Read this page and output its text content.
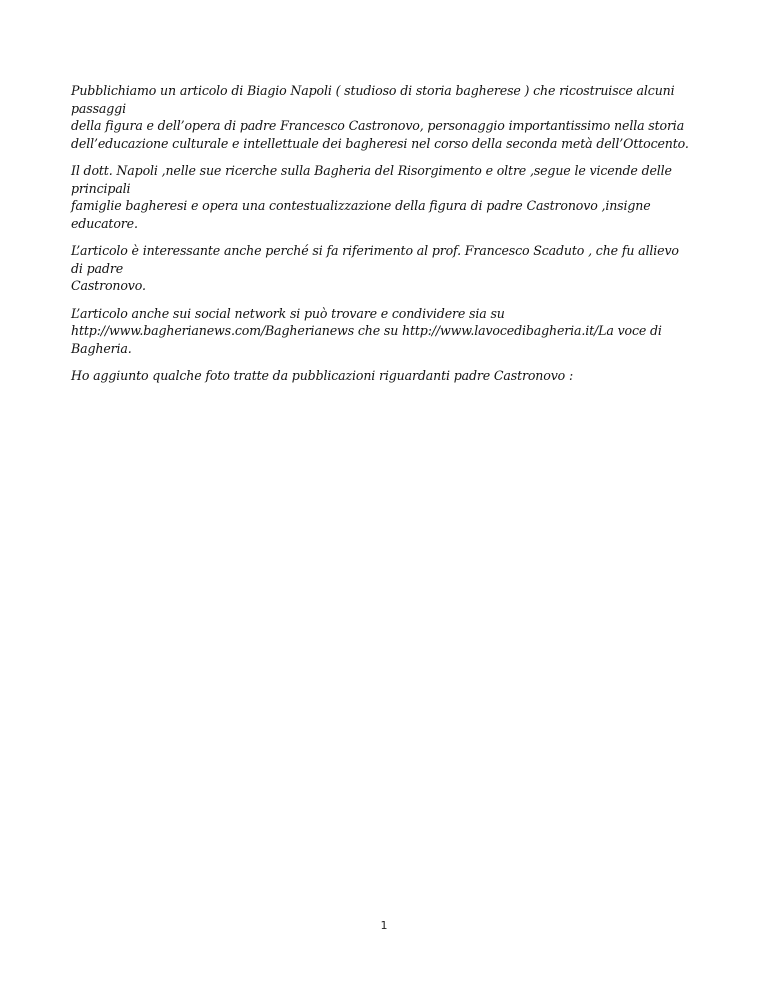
Pubblichiamo un articolo di Biagio Napoli ( studioso di storia bagherese ) che ricostruisce alcuni passaggi
della figura e dell’opera di padre Francesco Castronovo, personaggio importantissimo nella storia
dell’educazione culturale e intellettuale dei bagheresi nel corso della seconda metà dell’Ottocento.

Il dott. Napoli ,nelle sue ricerche sulla Bagheria del Risorgimento e oltre ,segue le vicende delle principali
famiglie bagheresi e opera una contestualizzazione della figura di padre Castronovo ,insigne educatore.

L’articolo è interessante anche perché si fa riferimento al prof. Francesco Scaduto , che fu allievo di padre
Castronovo.

L’articolo anche sui social network si può trovare e condividere sia su
http://www.bagherianews.com/Bagherianews che su http://www.lavocedibagheria.it/La voce di
Bagheria.

Ho aggiunto qualche foto tratte da pubblicazioni riguardanti padre Castronovo :

1
